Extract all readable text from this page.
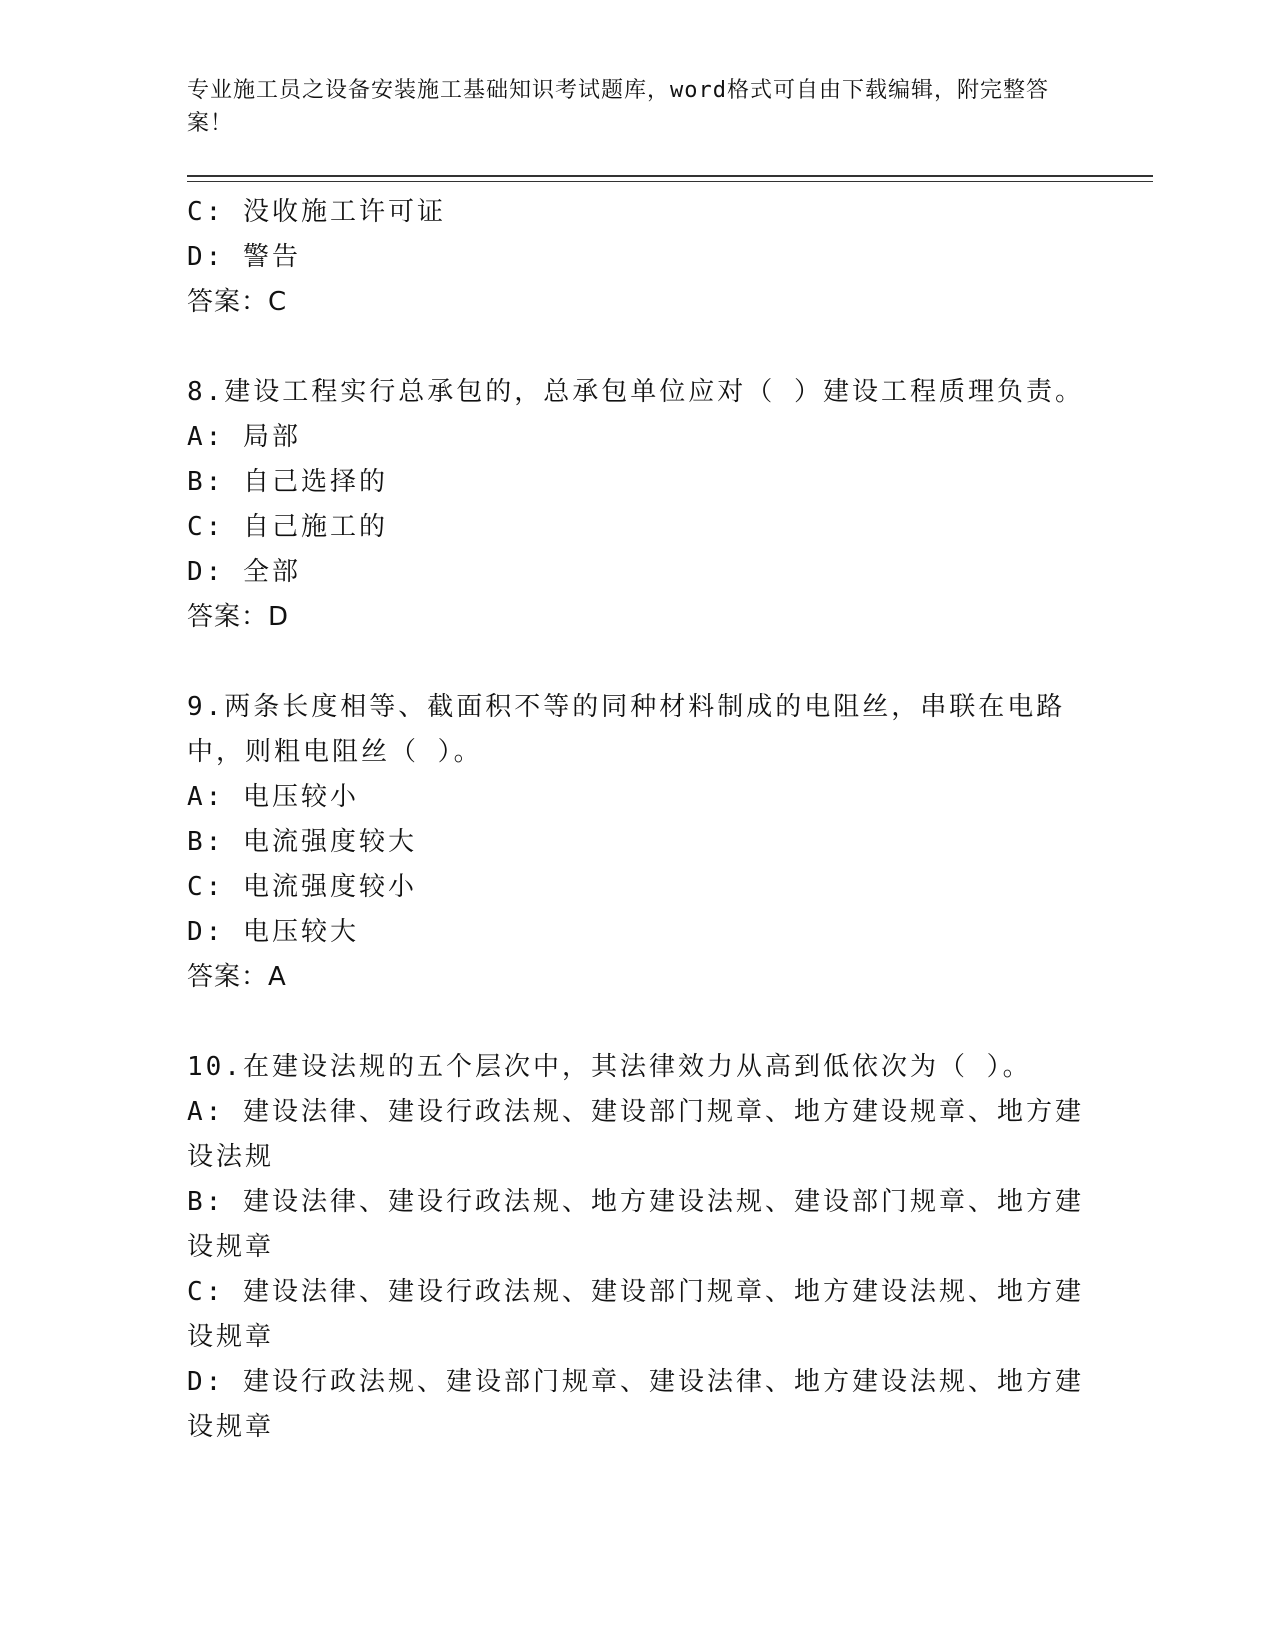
专业施工员之设备安装施工基础知识考试题库，word格式可自由下载编辑，附完整答案！

C: 没收施工许可证

D: 警告

答案：C

8.建设工程实行总承包的，总承包单位应对（ ）建设工程质理负责。

A: 局部

B: 自己选择的

C: 自己施工的

D: 全部

答案：D

9.两条长度相等、截面积不等的同种材料制成的电阻丝，串联在电路中，则粗电阻丝（ ）。

A: 电压较小

B: 电流强度较大

C: 电流强度较小

D: 电压较大

答案：A

10.在建设法规的五个层次中，其法律效力从高到低依次为（ ）。

A: 建设法律、建设行政法规、建设部门规章、地方建设规章、地方建设法规

B: 建设法律、建设行政法规、地方建设法规、建设部门规章、地方建设规章

C: 建设法律、建设行政法规、建设部门规章、地方建设法规、地方建设规章

D: 建设行政法规、建设部门规章、建设法律、地方建设法规、地方建设规章
